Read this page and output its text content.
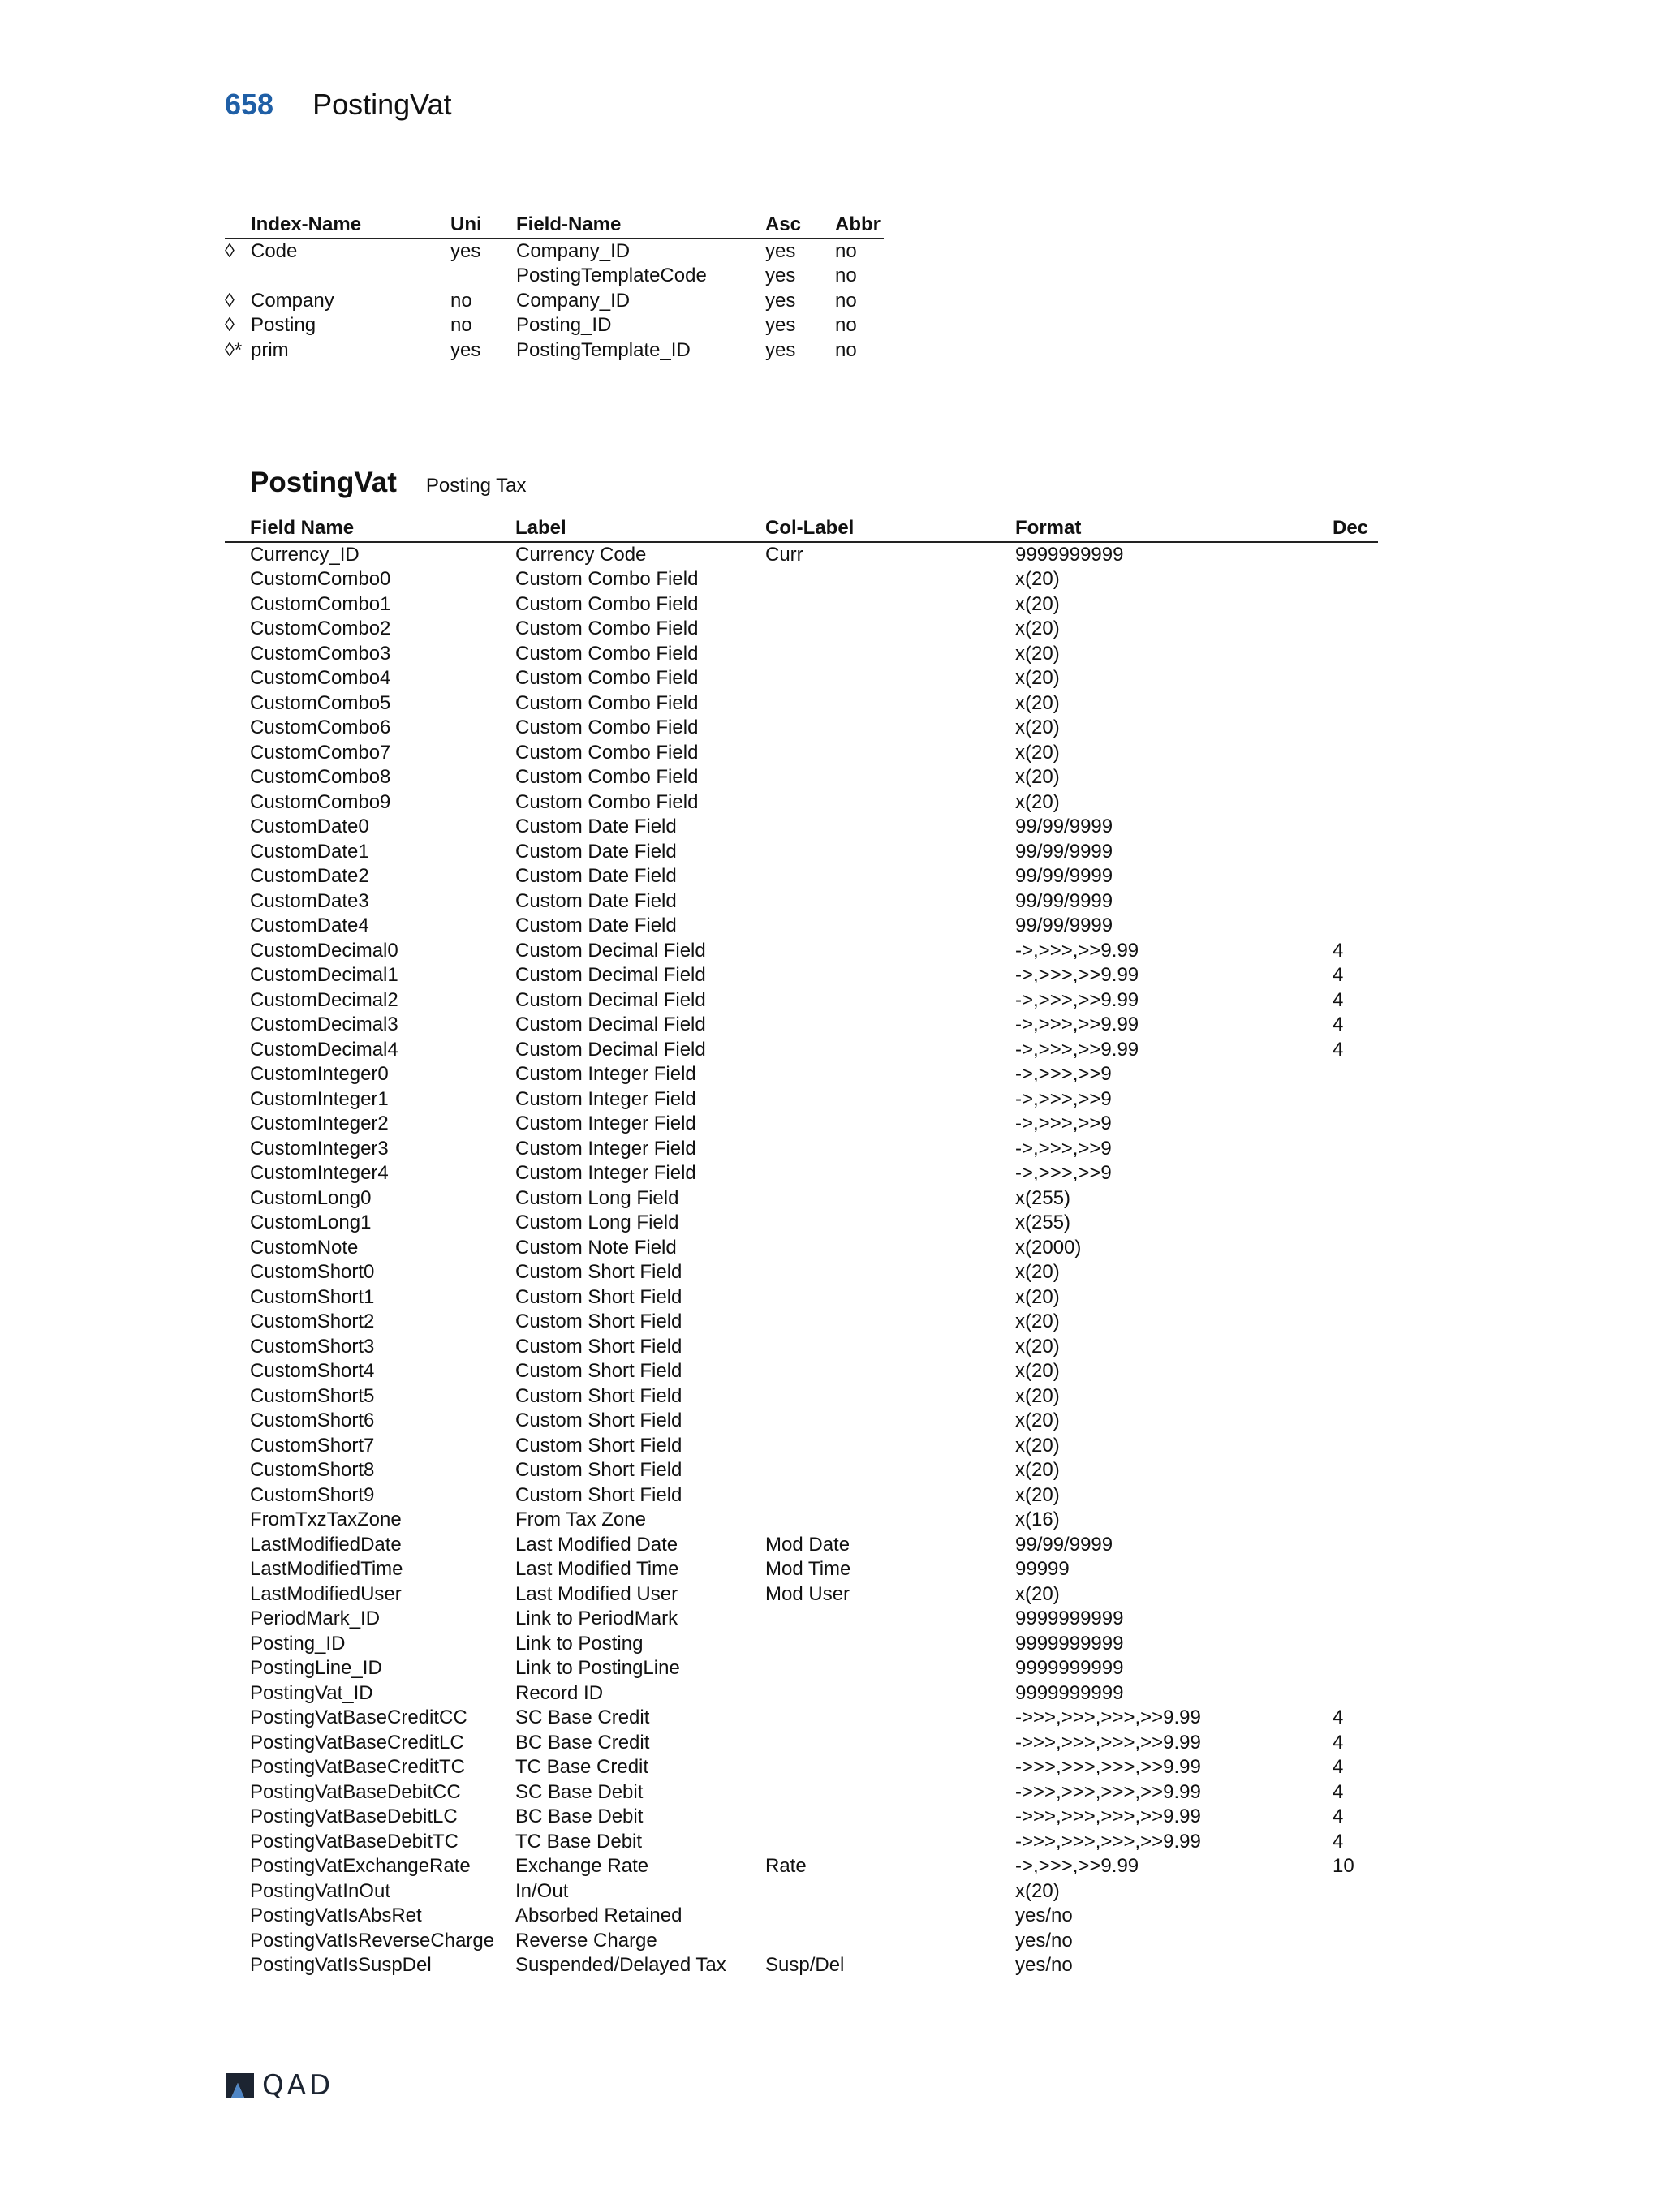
658 PostingVat
	Index-Name	Uni	Field-Name	Asc	Abbr
◊	Code	yes	Company_ID	yes	no
			PostingTemplateCode	yes	no
◊	Company	no	Company_ID	yes	no
◊	Posting	no	Posting_ID	yes	no
◊*	prim	yes	PostingTemplate_ID	yes	no
PostingVat Posting Tax
	Field Name	Label	Col-Label	Format	Dec
	Currency_ID	Currency Code	Curr	9999999999	
	CustomCombo0	Custom Combo Field		x(20)	
	CustomCombo1	Custom Combo Field		x(20)	
	CustomCombo2	Custom Combo Field		x(20)	
	CustomCombo3	Custom Combo Field		x(20)	
	CustomCombo4	Custom Combo Field		x(20)	
	CustomCombo5	Custom Combo Field		x(20)	
	CustomCombo6	Custom Combo Field		x(20)	
	CustomCombo7	Custom Combo Field		x(20)	
	CustomCombo8	Custom Combo Field		x(20)	
	CustomCombo9	Custom Combo Field		x(20)	
	CustomDate0	Custom Date Field		99/99/9999	
	CustomDate1	Custom Date Field		99/99/9999	
	CustomDate2	Custom Date Field		99/99/9999	
	CustomDate3	Custom Date Field		99/99/9999	
	CustomDate4	Custom Date Field		99/99/9999	
	CustomDecimal0	Custom Decimal Field		->,>>>,>>9.99	4
	CustomDecimal1	Custom Decimal Field		->,>>>,>>9.99	4
	CustomDecimal2	Custom Decimal Field		->,>>>,>>9.99	4
	CustomDecimal3	Custom Decimal Field		->,>>>,>>9.99	4
	CustomDecimal4	Custom Decimal Field		->,>>>,>>9.99	4
	CustomInteger0	Custom Integer Field		->,>>>,>>9	
	CustomInteger1	Custom Integer Field		->,>>>,>>9	
	CustomInteger2	Custom Integer Field		->,>>>,>>9	
	CustomInteger3	Custom Integer Field		->,>>>,>>9	
	CustomInteger4	Custom Integer Field		->,>>>,>>9	
	CustomLong0	Custom Long Field		x(255)	
	CustomLong1	Custom Long Field		x(255)	
	CustomNote	Custom Note Field		x(2000)	
	CustomShort0	Custom Short Field		x(20)	
	CustomShort1	Custom Short Field		x(20)	
	CustomShort2	Custom Short Field		x(20)	
	CustomShort3	Custom Short Field		x(20)	
	CustomShort4	Custom Short Field		x(20)	
	CustomShort5	Custom Short Field		x(20)	
	CustomShort6	Custom Short Field		x(20)	
	CustomShort7	Custom Short Field		x(20)	
	CustomShort8	Custom Short Field		x(20)	
	CustomShort9	Custom Short Field		x(20)	
	FromTxzTaxZone	From Tax Zone		x(16)	
	LastModifiedDate	Last Modified Date	Mod Date	99/99/9999	
	LastModifiedTime	Last Modified Time	Mod Time	99999	
	LastModifiedUser	Last Modified User	Mod User	x(20)	
	PeriodMark_ID	Link to PeriodMark		9999999999	
	Posting_ID	Link to Posting		9999999999	
	PostingLine_ID	Link to PostingLine		9999999999	
	PostingVat_ID	Record ID		9999999999	
	PostingVatBaseCreditCC	SC Base Credit		->>>,>>>,>>>,>>9.99	4
	PostingVatBaseCreditLC	BC Base Credit		->>>,>>>,>>>,>>9.99	4
	PostingVatBaseCreditTC	TC Base Credit		->>>,>>>,>>>,>>9.99	4
	PostingVatBaseDebitCC	SC Base Debit		->>>,>>>,>>>,>>9.99	4
	PostingVatBaseDebitLC	BC Base Debit		->>>,>>>,>>>,>>9.99	4
	PostingVatBaseDebitTC	TC Base Debit		->>>,>>>,>>>,>>9.99	4
	PostingVatExchangeRate	Exchange Rate	Rate	->,>>>,>>9.99	10
	PostingVatInOut	In/Out		x(20)	
	PostingVatIsAbsRet	Absorbed Retained		yes/no	
	PostingVatIsReverseCharge	Reverse Charge		yes/no	
	PostingVatIsSuspDel	Suspended/Delayed Tax	Susp/Del	yes/no	
QAD
